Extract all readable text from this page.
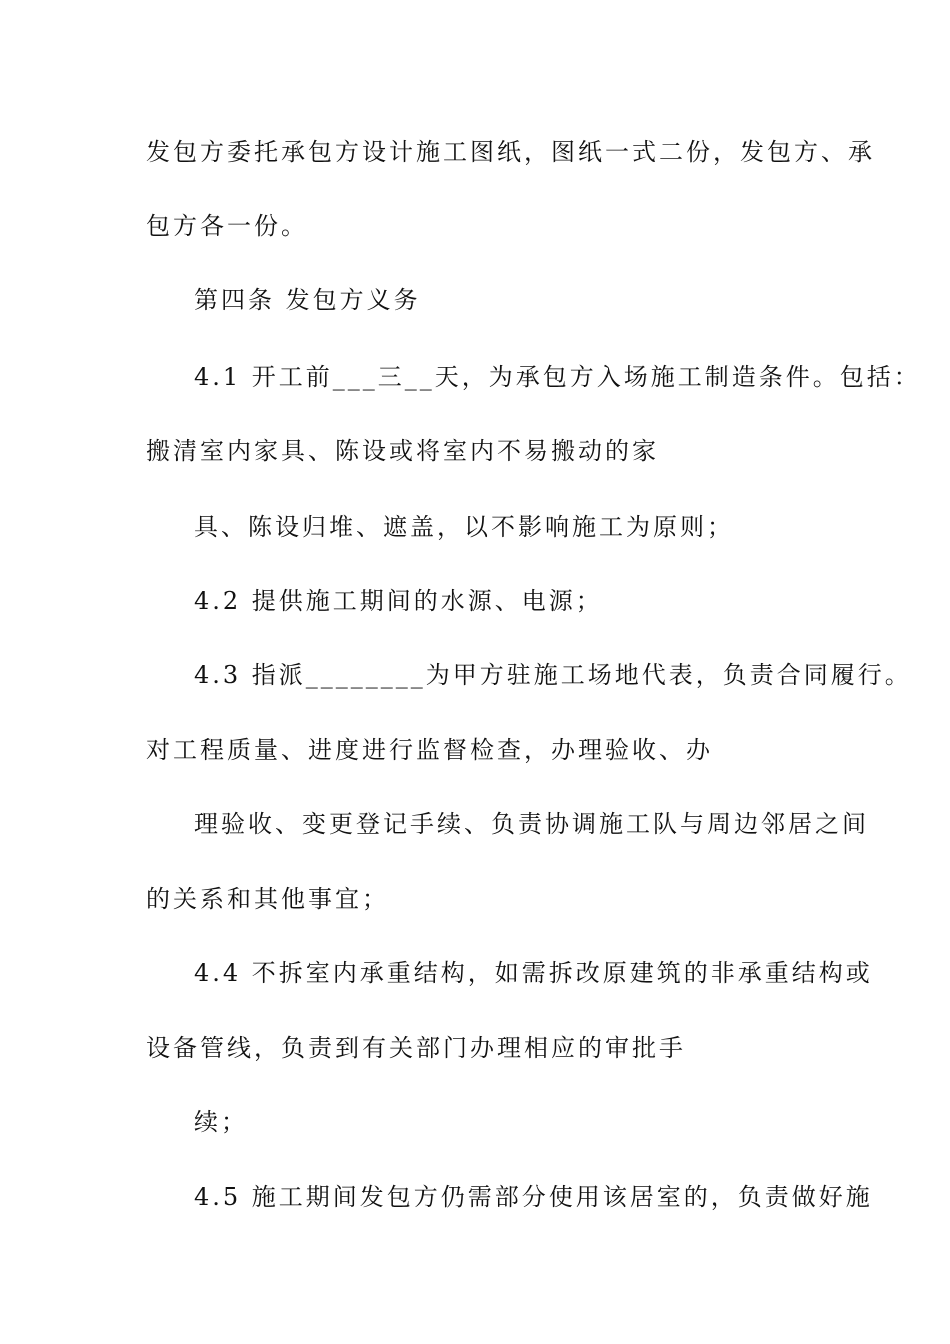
发包方委托承包方设计施工图纸，图纸一式二份，发包方、承
包方各一份。
第四条 发包方义务
4.1 开工前___三__天，为承包方入场施工制造条件。包括：
搬清室内家具、陈设或将室内不易搬动的家
具、陈设归堆、遮盖，以不影响施工为原则；
4.2 提供施工期间的水源、电源；
4.3 指派________为甲方驻施工场地代表，负责合同履行。
对工程质量、进度进行监督检查，办理验收、办
理验收、变更登记手续、负责协调施工队与周边邻居之间
的关系和其他事宜；
4.4 不拆室内承重结构，如需拆改原建筑的非承重结构或
设备管线，负责到有关部门办理相应的审批手
续；
4.5 施工期间发包方仍需部分使用该居室的，负责做好施
